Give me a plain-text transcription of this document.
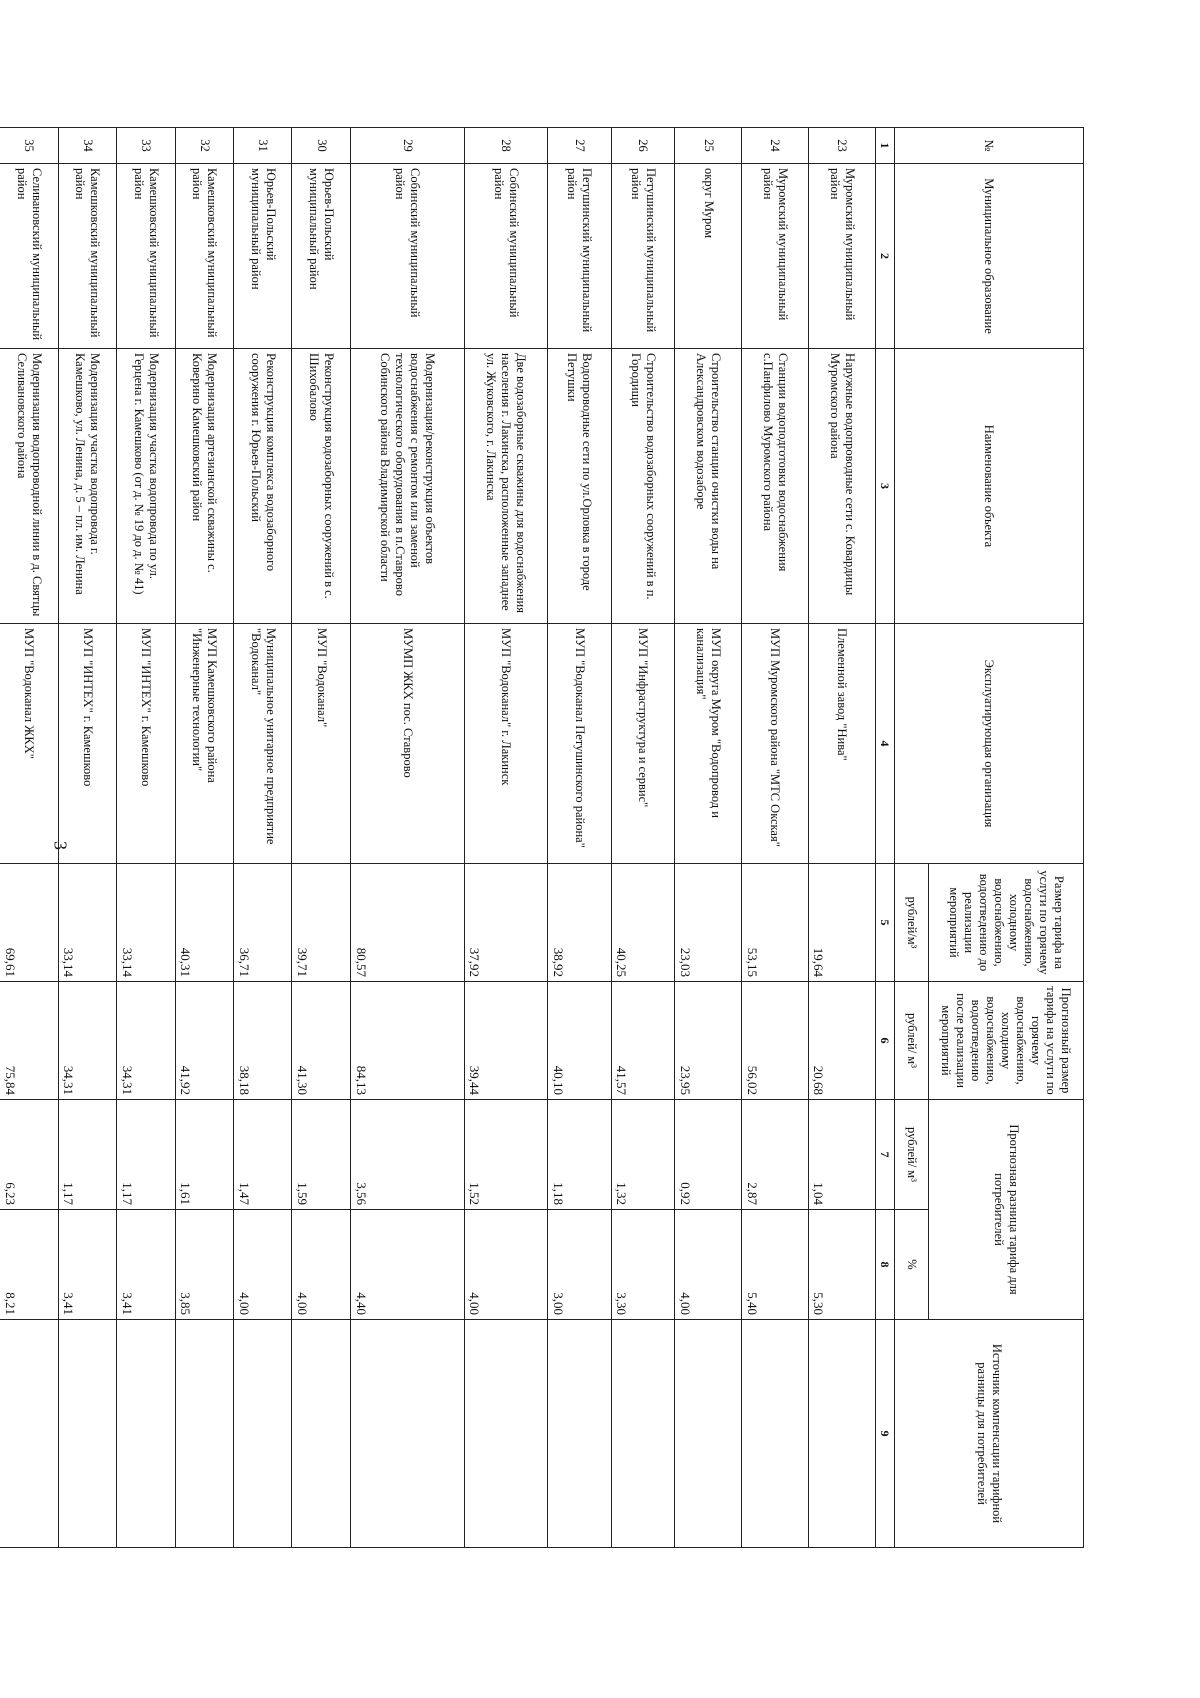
3
№	Муниципальное образование	Наименование объекта	Эксплуатирующая организация	Размер тарифа на услуги по горячему водоснабжению, холодному водоснабжению, водоотведению до реализации мероприятий	Прогнозный размер тарифа на услуги по горячему водоснабжению, холодному водоснабжению, водоотведению после реализации мероприятий	Прогнозная разница тарифа для потребителей		Источник компенсации тарифной разницы для потребителей
				рублей/м³	рублей/ м³	рублей/ м³	%	
1	2	3	4	5	6	7	8	9
23	Муромский муниципальный район	Наружные водопроводные сети с. Ковардицы Муромского района	Племенной завод "Нива"	19,64	20,68	1,04	5,30	
24	Муромский муниципальный район	Станции водоподготовки водоснабжения с.Панфилово Муромского района	МУП Муромского района "МТС Окская"	53,15	56,02	2,87	5,40	
25	округ Муром	Строительство станции очистки воды на Александровском водозаборе	МУП округа Муром "Водопровод и канализация"	23,03	23,95	0,92	4,00	
26	Петушинский муниципальный район	Строительство водозаборных сооружений в п. Городищи	МУП "Инфраструктура и сервис"	40,25	41,57	1,32	3,30	
27	Петушинский муниципальный район	Водопроводные сети по ул.Орловка в городе Петушки	МУП "Водоканал Петушинского района"	38,92	40,10	1,18	3,00	
28	Собинский муниципальный район	Две водозаборные скважины для водоснабжения населения г. Лакинска, расположенные западнее ул. Жуковского, г. Лакинска	МУП "Водоканал" г. Лакинск	37,92	39,44	1,52	4,00	
29	Собинский муниципальный район	Модернизация/реконструкция объектов водоснабжения с ремонтом или заменой технологического оборудования в п.Ставрово Собинского района Владимирской области	МУМП ЖКХ пос. Ставрово	80,57	84,13	3,56	4,40	
30	Юрьев-Польский муниципальный район	Реконструкция водозаборных сооружений в с. Шихобалово	МУП "Водоканал"	39,71	41,30	1,59	4,00	
31	Юрьев-Польский муниципальный район	Реконструкция комплекса водозаборного сооружения г. Юрьев-Польский	Муниципальное унитарное предприятие "Водоканал"	36,71	38,18	1,47	4,00	
32	Камешковский муниципальный район	Модернизация артезианской скважины с. Коверино Камешковский район	МУП Камешковского района "Инженерные технологии"	40,31	41,92	1,61	3,85	
33	Камешковский муниципальный район	Модернизация участка водопровода по ул. Герцена г. Камешково (от д. № 19 до д. № 41)	МУП "ИНТЕХ" г. Камешково	33,14	34,31	1,17	3,41	
34	Камешковский муниципальный район	Модернизация участка водопровода г. Камешково, ул. Ленина, д. 5 – пл. им. Ленина	МУП "ИНТЕХ" г. Камешково	33,14	34,31	1,17	3,41	
35	Селивановский муниципальный район	Модернизация водопроводной линии в д. Святцы Селивановского района	МУП "Водоканал ЖКХ"	69,61	75,84	6,23	8,21	
